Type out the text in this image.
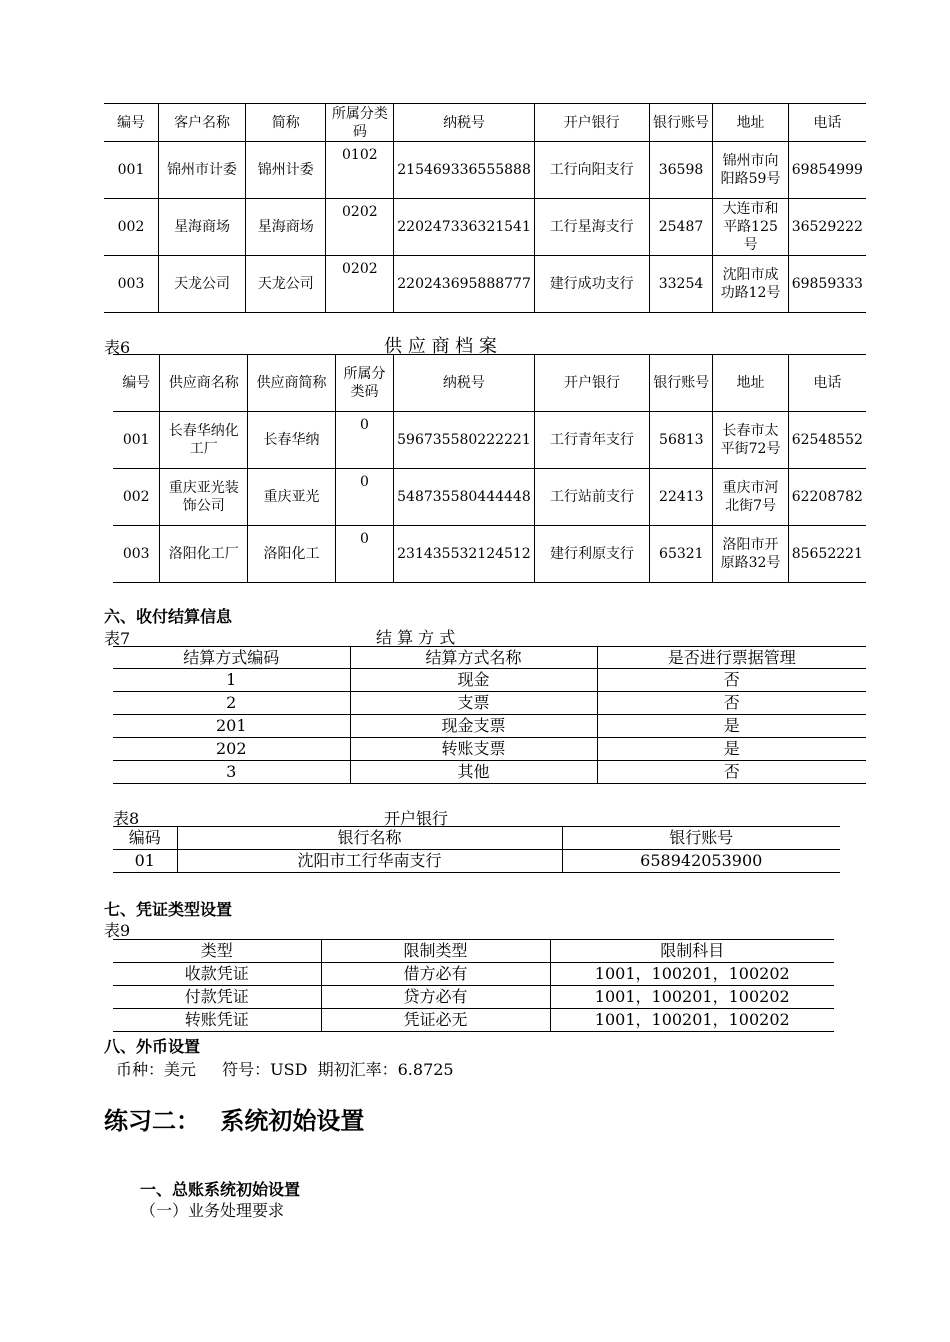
编号	客户名称	简称	所属分类码	纳税号	开户银行	银行账号	地址	电话
001	锦州市计委	锦州计委	0102	215469336555888	工行向阳支行	36598	锦州市向阳路59号	69854999
002	星海商场	星海商场	0202	220247336321541	工行星海支行	25487	大连市和平路125号	36529222
003	天龙公司	天龙公司	0202	220243695888777	建行成功支行	33254	沈阳市成功路12号	69859333
表6	供 应 商 档 案
编号	供应商名称	供应商简称	所属分类码	纳税号	开户银行	银行账号	地址	电话
001	长春华纳化工厂	长春华纳	0	596735580222221	工行青年支行	56813	长春市太平街72号	62548552
002	重庆亚光装饰公司	重庆亚光	0	548735580444448	工行站前支行	22413	重庆市河北街7号	62208782
003	洛阳化工厂	洛阳化工	0	231435532124512	建行利原支行	65321	洛阳市开原路32号	85652221
六、收付结算信息
表7	结 算 方 式
结算方式编码	结算方式名称	是否进行票据管理
1	现金	否
2	支票	否
201	现金支票	是
202	转账支票	是
3	其他	否
表8	开户银行
编码	银行名称	银行账号
01	沈阳市工行华南支行	658942053900
七、凭证类型设置
表9
类型	限制类型	限制科目
收款凭证	借方必有	1001，100201，100202
付款凭证	贷方必有	1001，100201，100202
转账凭证	凭证必无	1001，100201，100202
八、外币设置
币种：美元　  符号：USD  期初汇率：6.8725
练习二：　 系统初始设置
一、总账系统初始设置
（一）业务处理要求
